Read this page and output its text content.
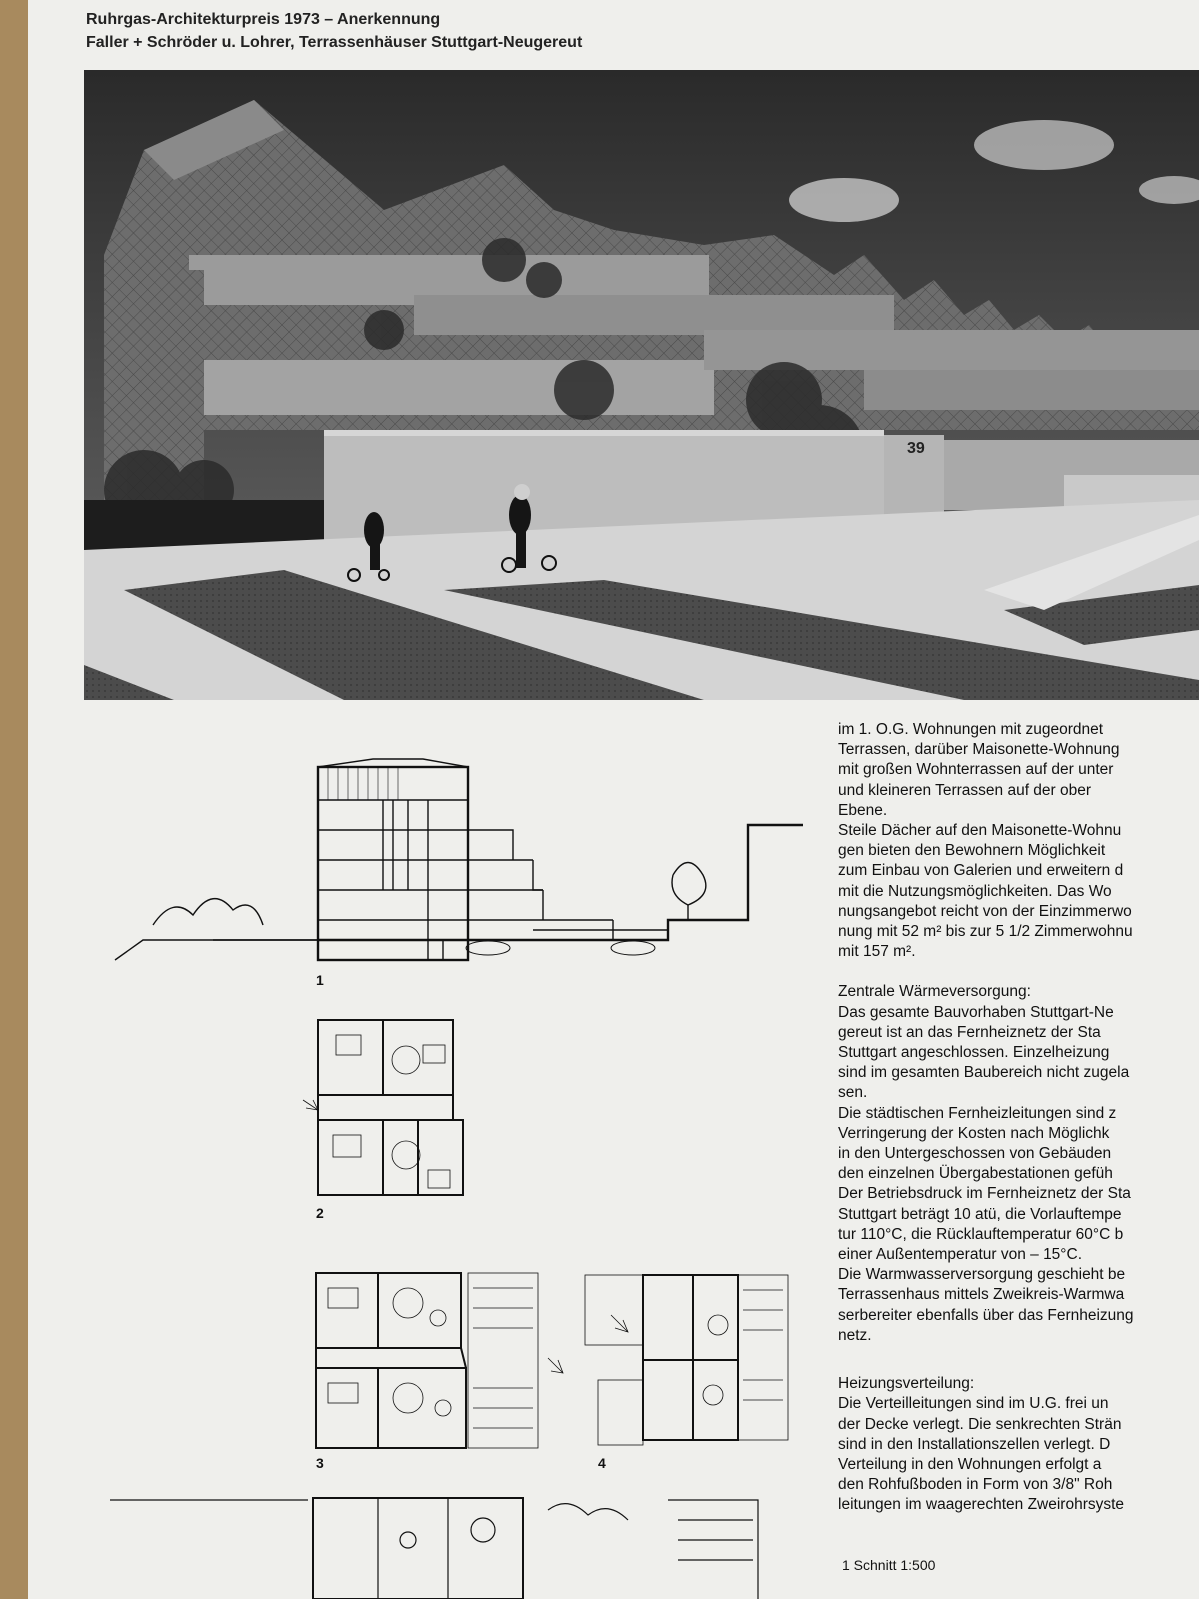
Ruhrgas-Architekturpreis 1973 – Anerkennung
Faller + Schröder u. Lohrer, Terrassenhäuser Stuttgart-Neugereut
39
1
2
3	4

im 1. O.G. Wohnungen mit zugeordnet

Terrassen, darüber Maisonette-Wohnung

mit großen Wohnterrassen auf der unter

und kleineren Terrassen auf der ober

Ebene.

Steile Dächer auf den Maisonette-Wohnu

gen bieten den Bewohnern Möglichkeit

zum Einbau von Galerien und erweitern d

mit die Nutzungsmöglichkeiten. Das Wo

nungsangebot reicht von der Einzimmerwo

nung mit 52 m² bis zur 5 1/2 Zimmerwohnu

mit 157 m².

Zentrale Wärmeversorgung:

Das gesamte Bauvorhaben Stuttgart-Ne

gereut ist an das Fernheiznetz der Sta

Stuttgart angeschlossen. Einzelheizung

sind im gesamten Baubereich nicht zugela

sen.

Die städtischen Fernheizleitungen sind z

Verringerung der Kosten nach Möglichk

in den Untergeschossen von Gebäuden

den einzelnen Übergabestationen gefüh

Der Betriebsdruck im Fernheiznetz der Sta

Stuttgart beträgt 10 atü, die Vorlauftempe

tur 110°C, die Rücklauftemperatur 60°C b

einer Außentemperatur von – 15°C.

Die Warmwasserversorgung geschieht be

Terrassenhaus mittels Zweikreis-Warmwa

serbereiter ebenfalls über das Fernheizung

netz.

Heizungsverteilung:

Die Verteilleitungen sind im U.G. frei un

der Decke verlegt. Die senkrechten Strän

sind in den Installationszellen verlegt. D

Verteilung in den Wohnungen erfolgt a

den Rohfußboden in Form von 3/8" Roh

leitungen im waagerechten Zweirohrsyste

1 Schnitt 1:500
